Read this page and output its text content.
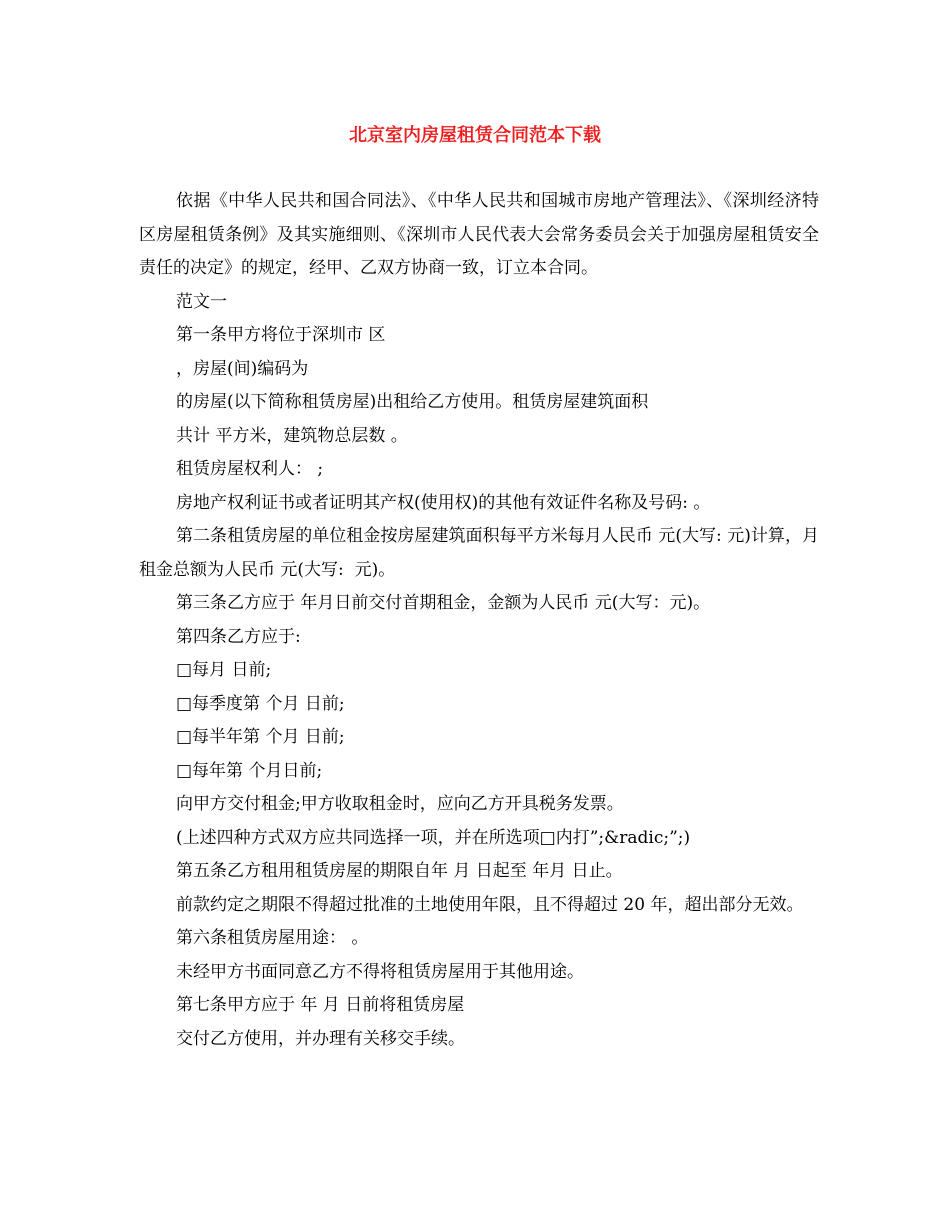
北京室内房屋租赁合同范本下载

依据《中华人民共和国合同法》、《中华人民共和国城市房地产管理法》、《深圳经济特区房屋租赁条例》及其实施细则、《深圳市人民代表大会常务委员会关于加强房屋租赁安全责任的决定》的规定，经甲、乙双方协商一致，订立本合同。

范文一

第一条甲方将位于深圳市 区

，房屋(间)编码为

的房屋(以下简称租赁房屋)出租给乙方使用。租赁房屋建筑面积

共计 平方米，建筑物总层数 。

租赁房屋权利人： ;

房地产权利证书或者证明其产权(使用权)的其他有效证件名称及号码: 。

第二条租赁房屋的单位租金按房屋建筑面积每平方米每月人民币 元(大写: 元)计算，月租金总额为人民币 元(大写:  元)。

第三条乙方应于 年月日前交付首期租金，金额为人民币 元(大写：元)。

第四条乙方应于:

□每月 日前;

□每季度第 个月 日前;

□每半年第 个月 日前;

□每年第 个月日前;

向甲方交付租金;甲方收取租金时，应向乙方开具税务发票。

(上述四种方式双方应共同选择一项，并在所选项□内打”;&radic;”;)

第五条乙方租用租赁房屋的期限自年 月 日起至 年月 日止。

前款约定之期限不得超过批准的土地使用年限，且不得超过 20 年，超出部分无效。

第六条租赁房屋用途： 。

未经甲方书面同意乙方不得将租赁房屋用于其他用途。

第七条甲方应于 年 月 日前将租赁房屋

交付乙方使用，并办理有关移交手续。
